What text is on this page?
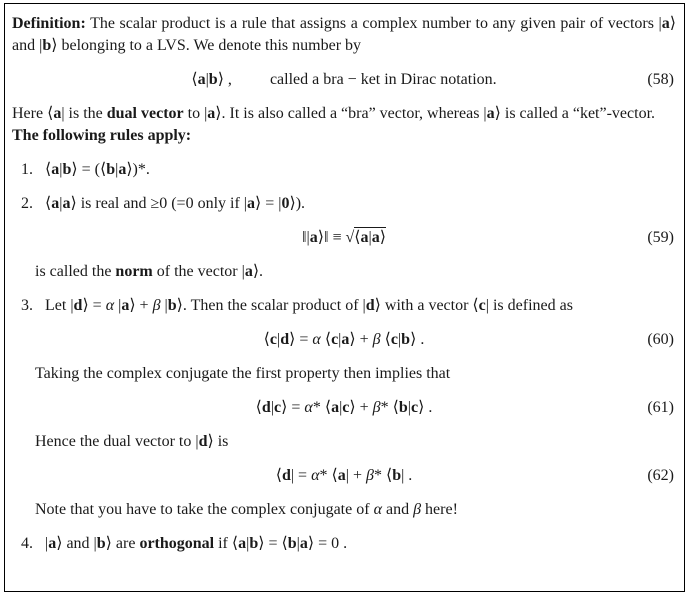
Definition: The scalar product is a rule that assigns a complex number to any given pair of vectors |a⟩ and |b⟩ belonging to a LVS. We denote this number by

⟨a|b⟩ , called a bra − ket in Dirac notation.	(58)

Here ⟨a| is the dual vector to |a⟩. It is also called a “bra” vector, whereas |a⟩ is called a “ket”-vector.

The following rules apply:

1. ⟨a|b⟩ = (⟨b|a⟩)*.
2. ⟨a|a⟩ is real and ≥0 (=0 only if |a⟩ = |0⟩).
‖|a⟩‖ ≡ √⟨a|a⟩	(59)

is called the norm of the vector |a⟩.

3. Let |d⟩ = α |a⟩ + β |b⟩. Then the scalar product of |d⟩ with a vector ⟨c| is defined as
⟨c|d⟩ = α ⟨c|a⟩ + β ⟨c|b⟩ .	(60)

Taking the complex conjugate the first property then implies that

⟨d|c⟩ = α* ⟨a|c⟩ + β* ⟨b|c⟩ .	(61)

Hence the dual vector to |d⟩ is

⟨d| = α* ⟨a| + β* ⟨b| .	(62)

Note that you have to take the complex conjugate of α and β here!

4. |a⟩ and |b⟩ are orthogonal if ⟨a|b⟩ = ⟨b|a⟩ = 0 .
